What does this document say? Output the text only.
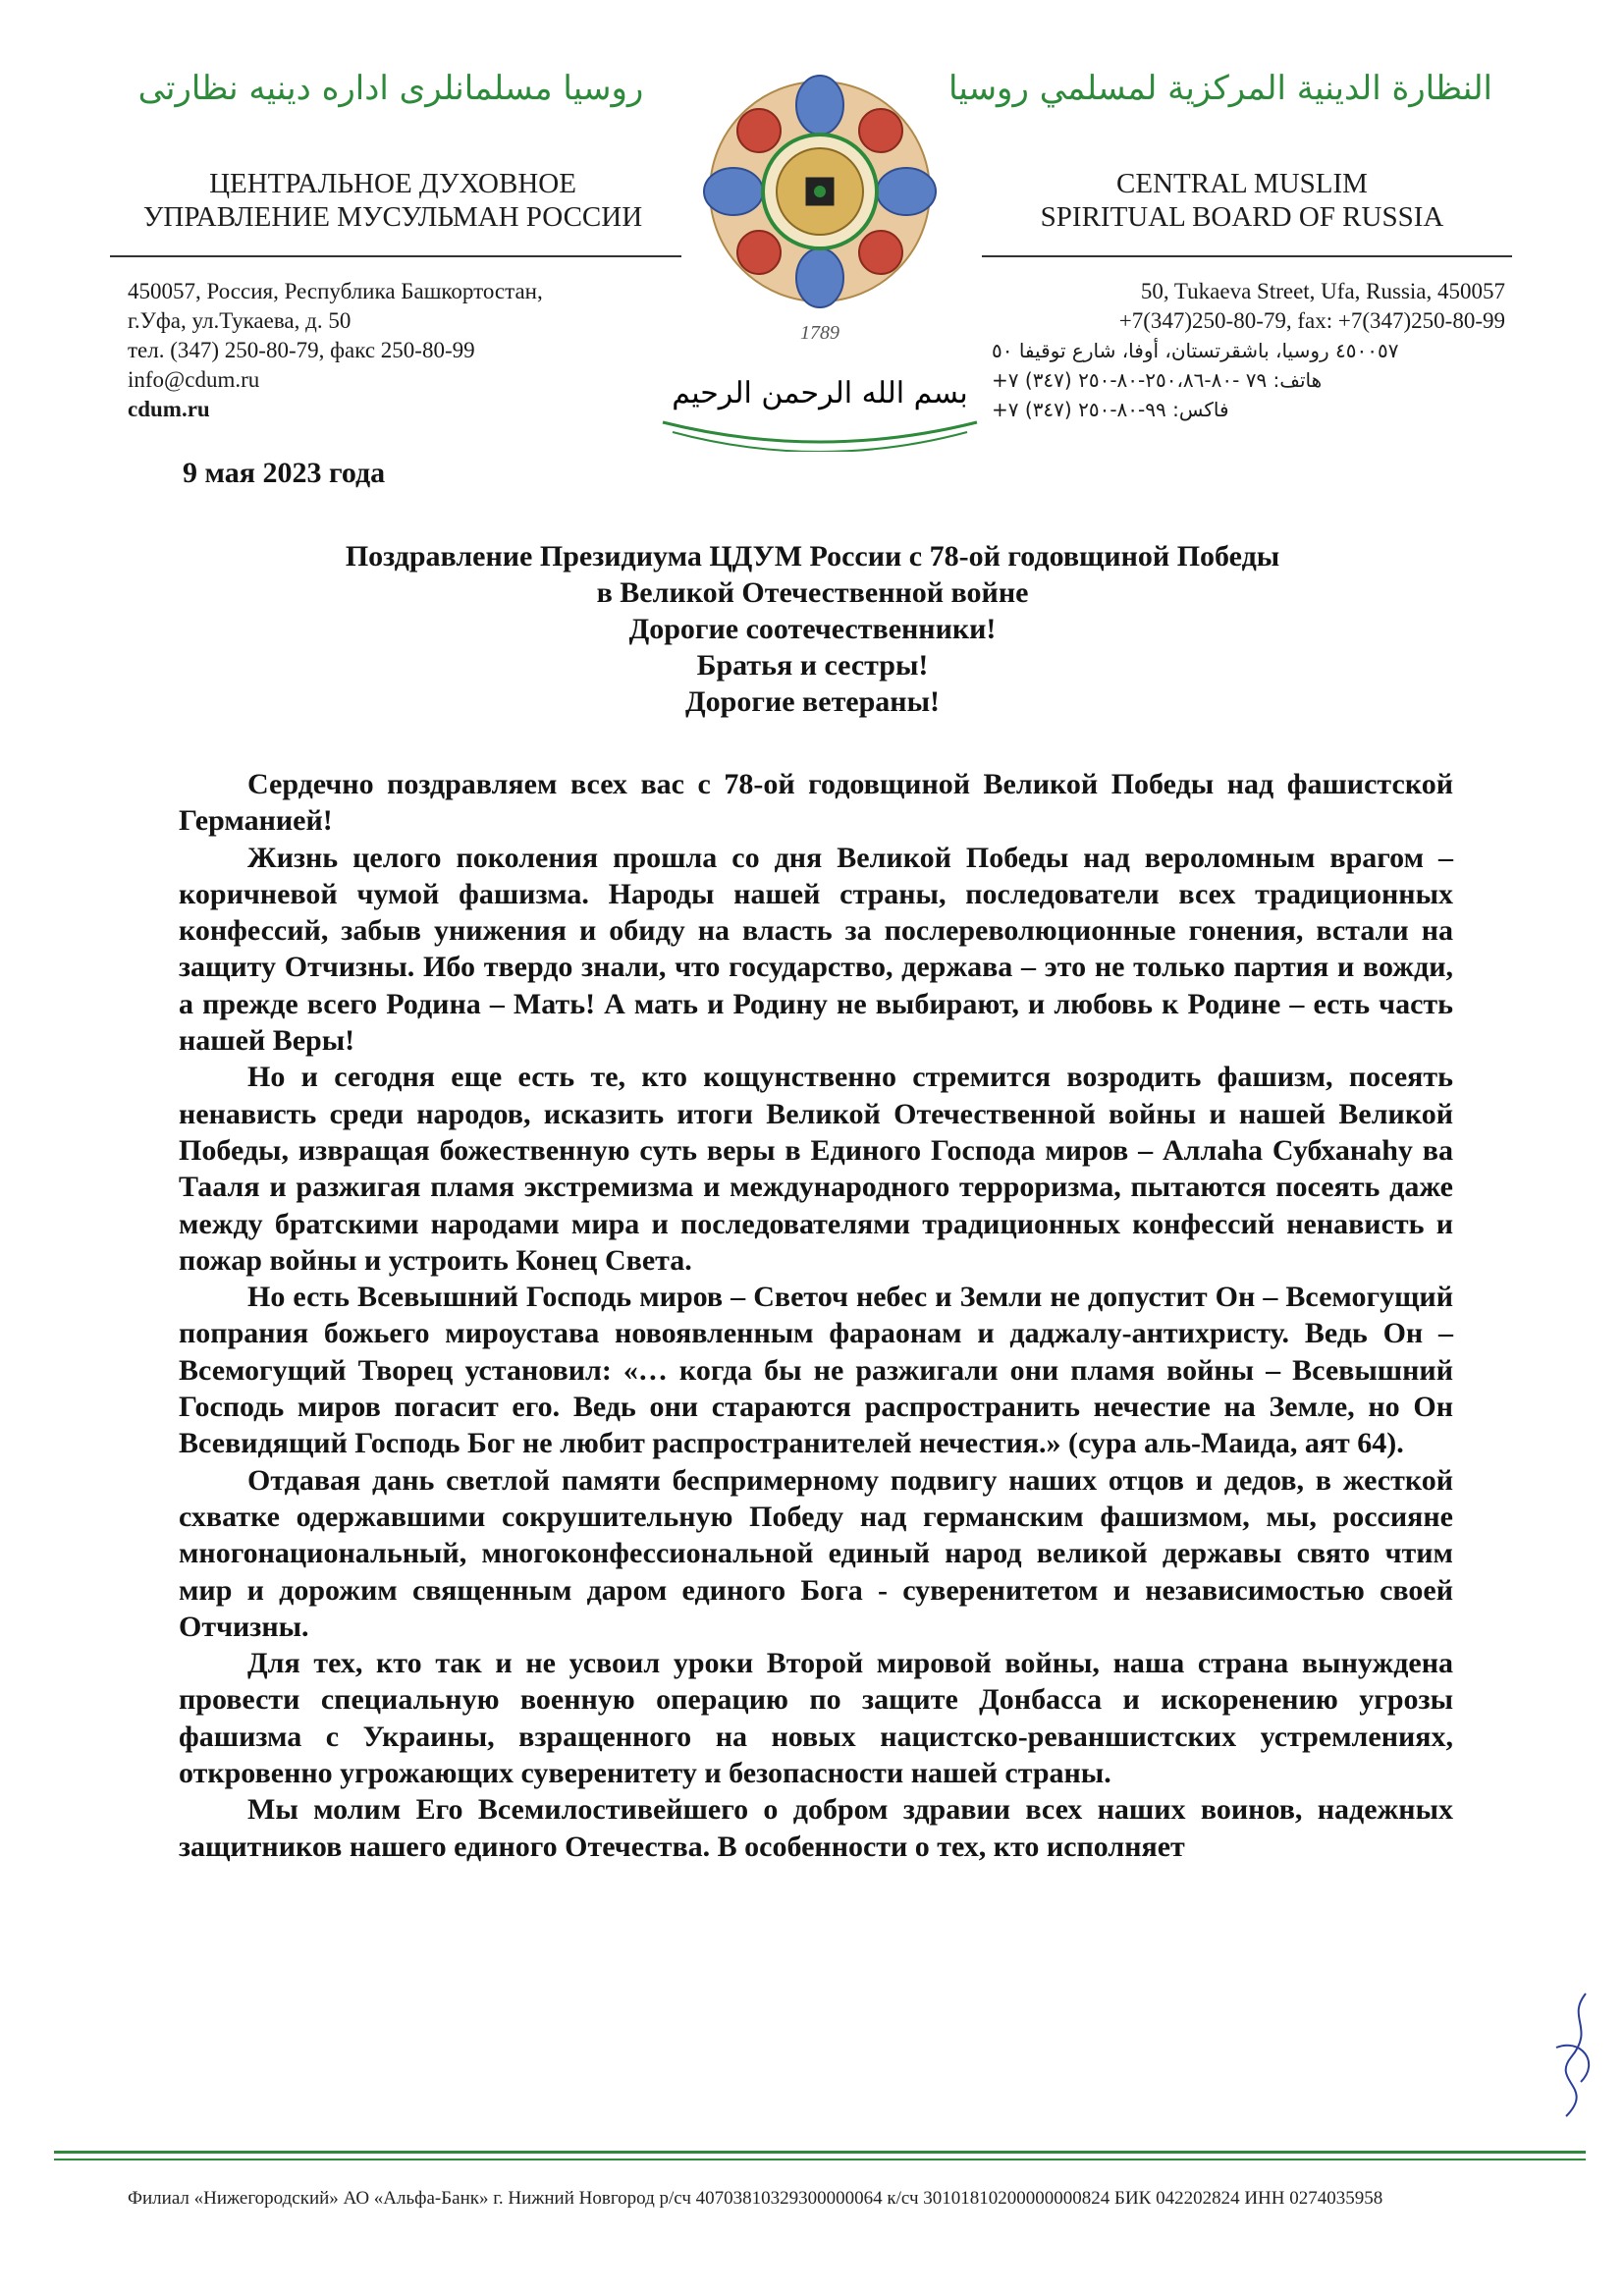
روسیا مسلمانلری اداره دینیه نظارتی	النظارة الدينية المركزية لمسلمي روسيا
ЦЕНТРАЛЬНОЕ ДУХОВНОЕ
УПРАВЛЕНИЕ МУСУЛЬМАН РОССИИ
CENTRAL MUSLIM
SPIRITUAL BOARD OF RUSSIA
450057, Россия, Республика Башкортостан,
г.Уфа, ул.Тукаева, д. 50
тел. (347) 250-80-79, факс 250-80-99
info@cdum.ru
cdum.ru
50, Tukaeva Street, Ufa, Russia, 450057
+7(347)250-80-79, fax: +7(347)250-80-99
٤٥٠٠٥٧ روسيا، باشقرتستان، أوفا، شارع توقيفا ٥٠
هاتف: ٧٩ -٨٠-٢٥٠،٨٦-٨٠-٢٥٠ (٣٤٧) ٧+
فاكس: ٩٩-٨٠-٢٥٠ (٣٤٧) ٧+
1789
بسم الله الرحمن الرحيم
9 мая 2023 года
Поздравление Президиума ЦДУМ России с 78-ой годовщиной Победы
в Великой Отечественной войне
Дорогие соотечественники!
Братья и сестры!
Дорогие ветераны!

Сердечно поздравляем всех вас с 78-ой годовщиной Великой Победы над фашистской Германией!

Жизнь целого поколения прошла со дня Великой Победы над вероломным врагом – коричневой чумой фашизма. Народы нашей страны, последователи всех традиционных конфессий, забыв унижения и обиду на власть за послереволюционные гонения, встали на защиту Отчизны. Ибо твердо знали, что государство, держава – это не только партия и вожди, а прежде всего Родина – Мать! А мать и Родину не выбирают, и любовь к Родине – есть часть нашей Веры!

Но и сегодня еще есть те, кто кощунственно стремится возродить фашизм, посеять ненависть среди народов, исказить итоги Великой Отечественной войны и нашей Великой Победы, извращая божественную суть веры в Единого Господа миров – Аллаhа Субханаhу ва Тааля и разжигая пламя экстремизма и международного терроризма, пытаются посеять даже между братскими народами мира и последователями традиционных конфессий ненависть и пожар войны и устроить Конец Света.

Но есть Всевышний Господь миров – Светоч небес и Земли не допустит Он – Всемогущий попрания божьего мироустава новоявленным фараонам и даджалу-антихристу. Ведь Он – Всемогущий Творец установил: «… когда бы не разжигали они пламя войны – Всевышний Господь миров погасит его. Ведь они стараются распространить нечестие на Земле, но Он Всевидящий Господь Бог не любит распространителей нечестия.» (сура аль-Маида, аят 64).

Отдавая дань светлой памяти беспримерному подвигу наших отцов и дедов, в жесткой схватке одержавшими сокрушительную Победу над германским фашизмом, мы, россияне многонациональный, многоконфессиональной единый народ великой державы свято чтим мир и дорожим священным даром единого Бога - суверенитетом и независимостью своей Отчизны.

Для тех, кто так и не усвоил уроки Второй мировой войны, наша страна вынуждена провести специальную военную операцию по защите Донбасса и искоренению угрозы фашизма с Украины, взращенного на новых нацистско-реваншистских устремлениях, откровенно угрожающих суверенитету и безопасности нашей страны.

Мы молим Его Всемилостивейшего о добром здравии всех наших воинов, надежных защитников нашего единого Отечества. В особенности о тех, кто исполняет

Филиал «Нижегородский» АО «Альфа-Банк» г. Нижний Новгород р/сч 40703810329300000064 к/сч 30101810200000000824 БИК 042202824 ИНН 0274035958
